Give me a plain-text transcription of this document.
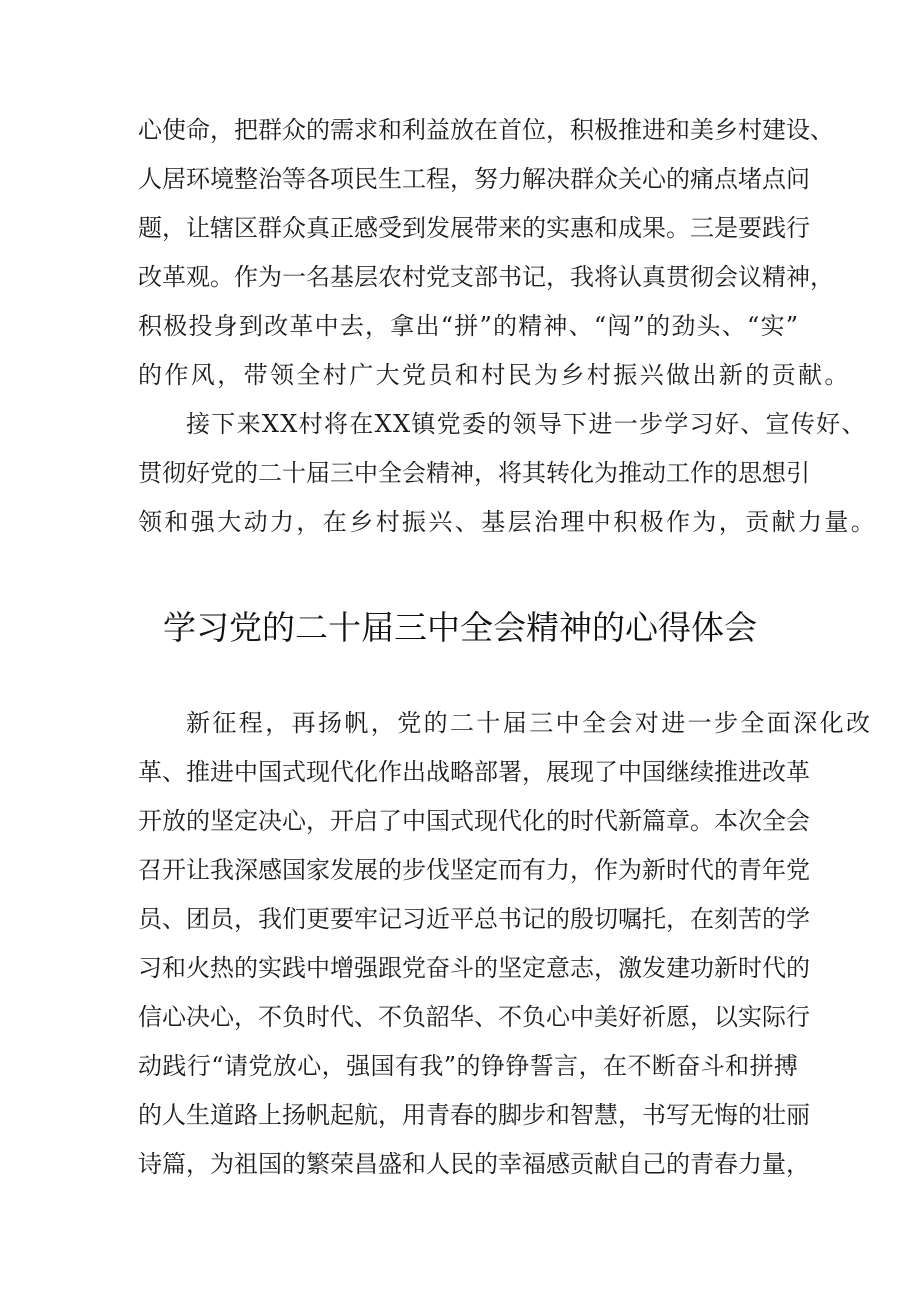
心使命，把群众的需求和利益放在首位，积极推进和美乡村建设、
人居环境整治等各项民生工程，努力解决群众关心的痛点堵点问
题，让辖区群众真正感受到发展带来的实惠和成果。三是要践行
改革观。作为一名基层农村党支部书记，我将认真贯彻会议精神，
积极投身到改革中去，拿出“拼”的精神、“闯”的劲头、“实”
的作风，带领全村广大党员和村民为乡村振兴做出新的贡献。
接下来XX村将在XX镇党委的领导下进一步学习好、宣传好、
贯彻好党的二十届三中全会精神，将其转化为推动工作的思想引
领和强大动力，在乡村振兴、基层治理中积极作为，贡献力量。
学习党的二十届三中全会精神的心得体会
新征程，再扬帆，党的二十届三中全会对进一步全面深化改
革、推进中国式现代化作出战略部署，展现了中国继续推进改革
开放的坚定决心，开启了中国式现代化的时代新篇章。本次全会
召开让我深感国家发展的步伐坚定而有力，作为新时代的青年党
员、团员，我们更要牢记习近平总书记的殷切嘱托，在刻苦的学
习和火热的实践中增强跟党奋斗的坚定意志，激发建功新时代的
信心决心，不负时代、不负韶华、不负心中美好祈愿，以实际行
动践行“请党放心，强国有我”的铮铮誓言，在不断奋斗和拼搏
的人生道路上扬帆起航，用青春的脚步和智慧，书写无悔的壮丽
诗篇，为祖国的繁荣昌盛和人民的幸福感贡献自己的青春力量，
